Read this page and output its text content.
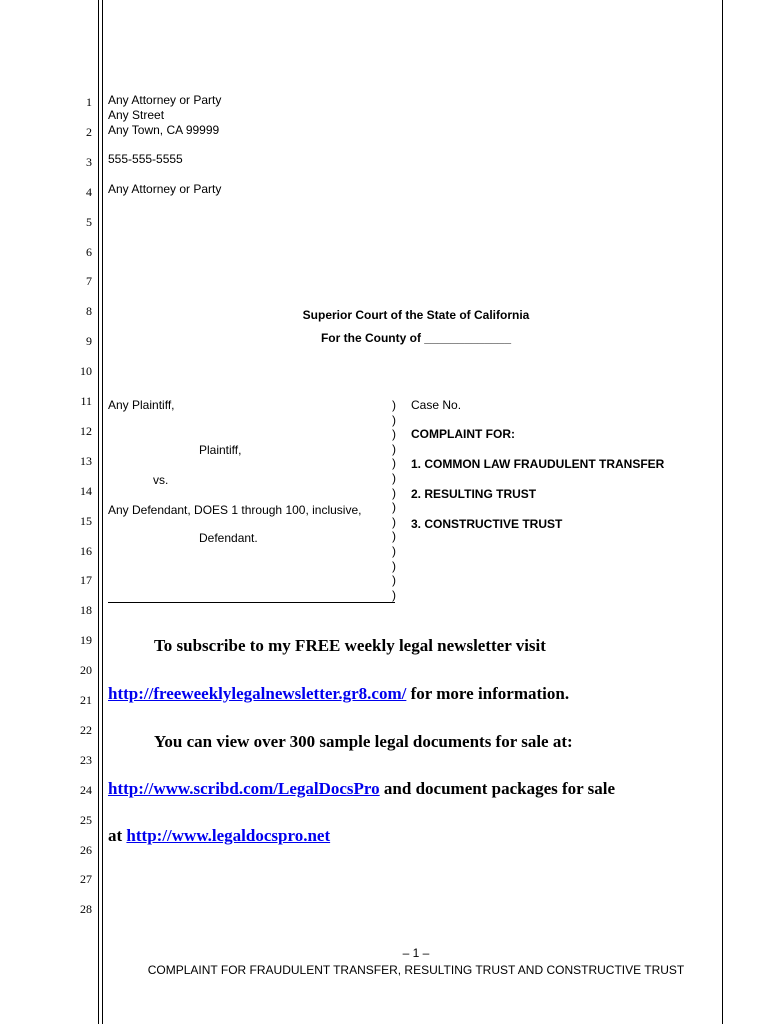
1
2
3
4
5
6
7
8
9
10
11
12
13
14
15
16
17
18
19
20
21
22
23
24
25
26
27
28
Any Attorney or Party
Any Street
Any Town, CA 99999
555-555-5555
Any Attorney or Party
Superior Court of the State of California
For the County of _____________
Any Plaintiff,
Plaintiff,
vs.
Any Defendant, DOES 1 through 100, inclusive,
Defendant.
)
)
)
)
)
)
)
)
)
)
)
)
)
)
Case No.
COMPLAINT FOR:
1. COMMON LAW FRAUDULENT TRANSFER
2. RESULTING TRUST
3. CONSTRUCTIVE TRUST
To subscribe to my FREE weekly legal newsletter visit
http://freeweeklylegalnewsletter.gr8.com/ for more information.
You can view over 300 sample legal documents for sale at:
http://www.scribd.com/LegalDocsPro and document packages for sale
at http://www.legaldocspro.net
– 1 –
COMPLAINT FOR FRAUDULENT TRANSFER, RESULTING TRUST AND CONSTRUCTIVE TRUST
